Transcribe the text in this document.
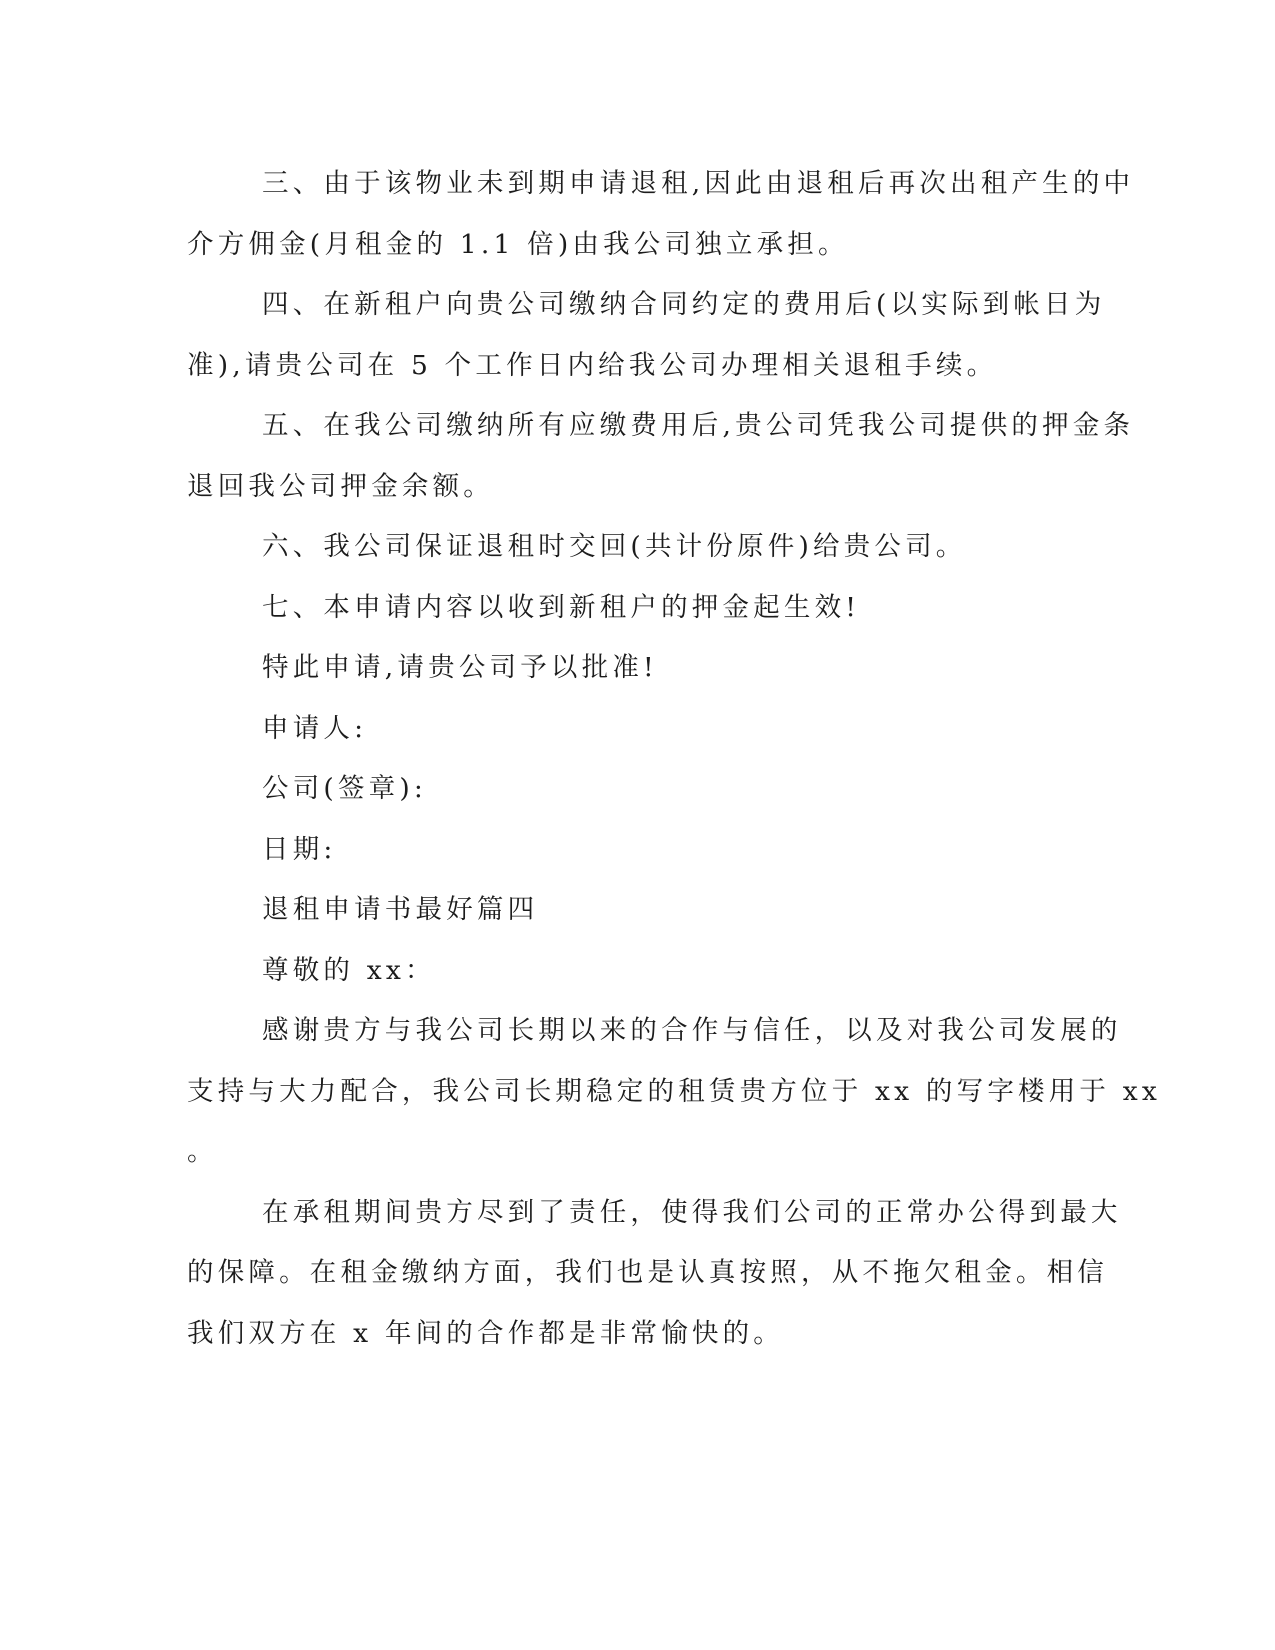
三、由于该物业未到期申请退租,因此由退租后再次出租产生的中

介方佣金(月租金的 1.1 倍)由我公司独立承担。

四、在新租户向贵公司缴纳合同约定的费用后(以实际到帐日为

准),请贵公司在 5 个工作日内给我公司办理相关退租手续。

五、在我公司缴纳所有应缴费用后,贵公司凭我公司提供的押金条

退回我公司押金余额。

六、我公司保证退租时交回(共计份原件)给贵公司。

七、本申请内容以收到新租户的押金起生效!

特此申请,请贵公司予以批准!

申请人:

公司(签章):

日期:

退租申请书最好篇四

尊敬的 xx：

感谢贵方与我公司长期以来的合作与信任，以及对我公司发展的

支持与大力配合，我公司长期稳定的租赁贵方位于 xx 的写字楼用于 xx

。

在承租期间贵方尽到了责任，使得我们公司的正常办公得到最大

的保障。在租金缴纳方面，我们也是认真按照，从不拖欠租金。相信

我们双方在 x 年间的合作都是非常愉快的。
